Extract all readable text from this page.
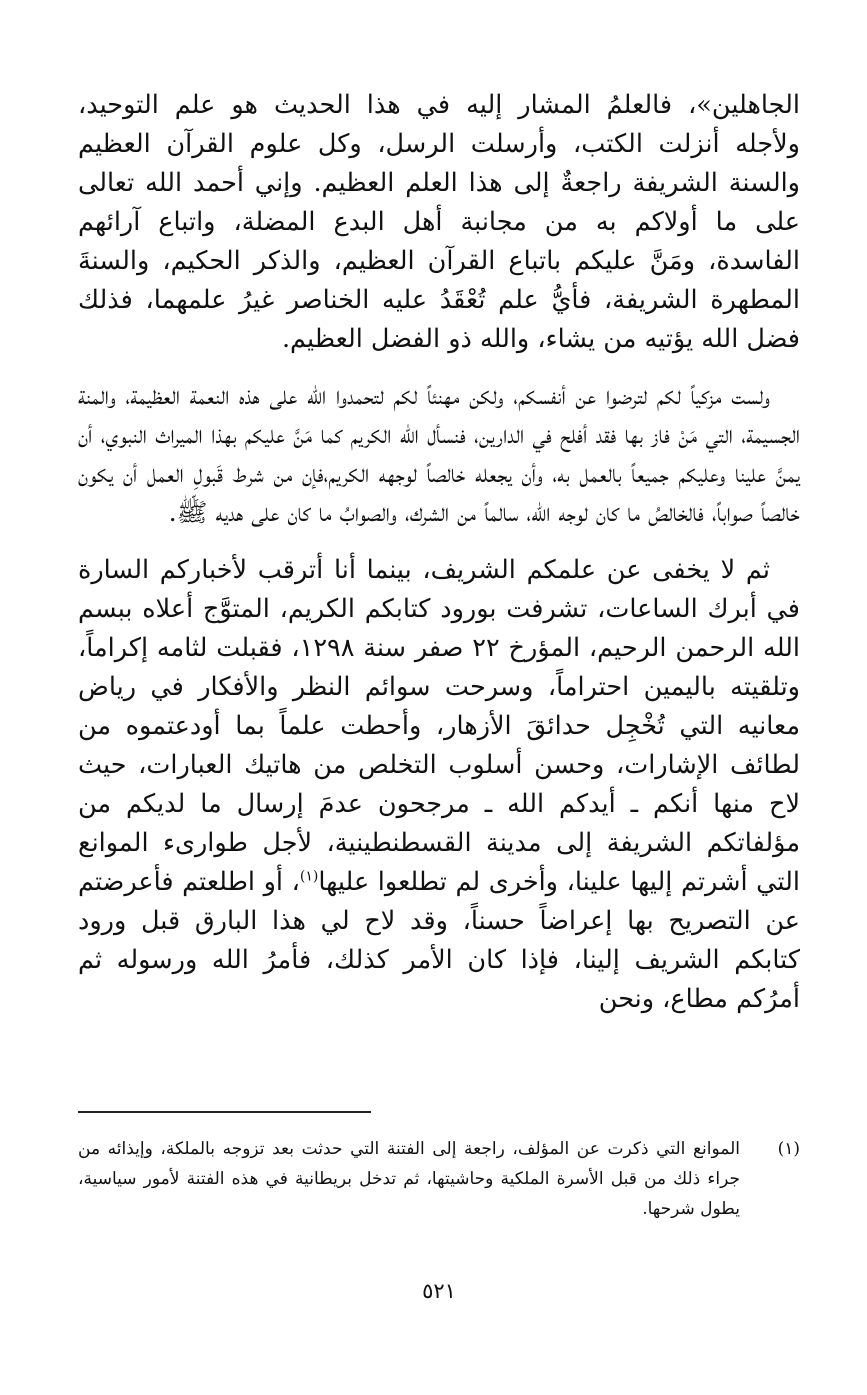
الجاهلين»، فالعلمُ المشار إليه في هذا الحديث هو علم التوحيد، ولأجله أنزلت الكتب، وأرسلت الرسل، وكل علوم القرآن العظيم والسنة الشريفة راجعةٌ إلى هذا العلم العظيم. وإني أحمد الله تعالى على ما أولاكم به من مجانبة أهل البدع المضلة، واتباع آرائهم الفاسدة، ومَنَّ عليكم باتباع القرآن العظيم، والذكر الحكيم، والسنةَ المطهرة الشريفة، فأيُّ علم تُعْقَدُ عليه الخناصر غيرُ علمهما، فذلك فضل الله يؤتيه من يشاء، والله ذو الفضل العظيم.

ولست مزكياً لكم لترضوا عن أنفسكم، ولكن مهنئاً لكم لتحمدوا الله على هذه النعمة العظيمة، والمنة الجسيمة، التي مَنْ فاز بها فقد أفلح في الدارين، فنسأل الله الكريم كما مَنَّ عليكم بهذا الميراث النبوي، أن يمنَّ علينا وعليكم جميعاً بالعمل به، وأن يجعله خالصاً لوجهه الكريم،فإن من شرط قَبولِ العمل أن يكون خالصاً صواباً، فالخالصُ ما كان لوجه الله، سالماً من الشرك، والصوابُ ما كان على هديه ﷺ.

ثم لا يخفى عن علمكم الشريف، بينما أنا أترقب لأخباركم السارة في أبرك الساعات، تشرفت بورود كتابكم الكريم، المتوَّج أعلاه ببسم الله الرحمن الرحيم، المؤرخ ٢٢ صفر سنة ١٢٩٨، فقبلت لثامه إكراماً، وتلقيته باليمين احتراماً، وسرحت سوائم النظر والأفكار في رياض معانيه التي تُخْجِل حدائقَ الأزهار، وأحطت علماً بما أودعتموه من لطائف الإشارات، وحسن أسلوب التخلص من هاتيك العبارات، حيث لاح منها أنكم ـ أيدكم الله ـ مرجحون عدمَ إرسال ما لديكم من مؤلفاتكم الشريفة إلى مدينة القسطنطينية، لأجل طوارىء الموانع التي أشرتم إليها علينا، وأخرى لم تطلعوا عليها$^{(١)}$، أو اطلعتم فأعرضتم عن التصريح بها إعراضاً حسناً، وقد لاح لي هذا البارق قبل ورود كتابكم الشريف إلينا، فإذا كان الأمر كذلك، فأمرُ الله ورسوله ثم أمرُكم مطاع، ونحن

(١)
الموانع التي ذكرت عن المؤلف، راجعة إلى الفتنة التي حدثت بعد تزوجه بالملكة، وإيذائه من جراء ذلك من قبل الأسرة الملكية وحاشيتها، ثم تدخل بريطانية في هذه الفتنة لأمور سياسية، يطول شرحها.
٥٢١
